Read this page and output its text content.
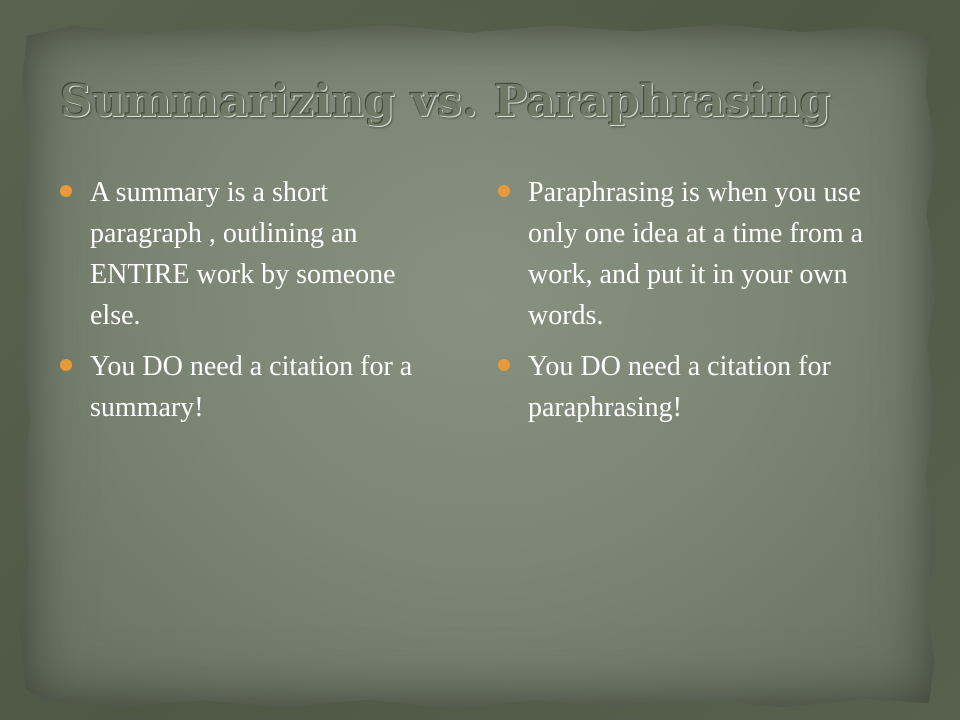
Summarizing vs. Paraphrasing
A summary is a short paragraph , outlining an ENTIRE work by someone else.
You DO need a citation for a summary!
Paraphrasing is when you use only one idea at a time from a work, and put it in your own words.
You DO need a citation for paraphrasing!
